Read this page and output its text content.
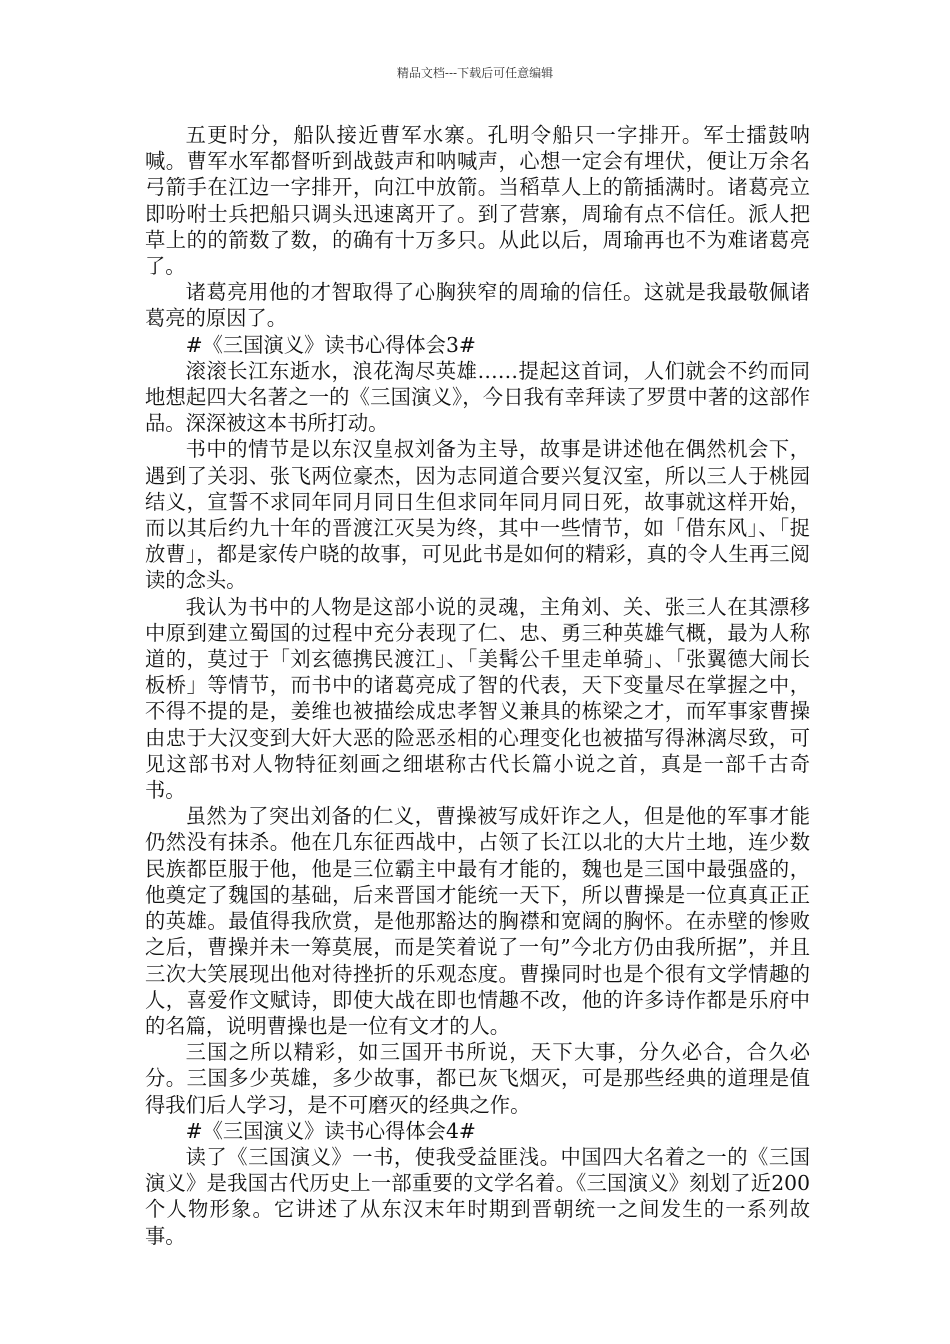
精品文档---下载后可任意编辑

五更时分，船队接近曹军水寨。孔明令船只一字排开。军士擂鼓呐喊。曹军水军都督听到战鼓声和呐喊声，心想一定会有埋伏，便让万余名弓箭手在江边一字排开，向江中放箭。当稻草人上的箭插满时。诸葛亮立即吩咐士兵把船只调头迅速离开了。到了营寨，周瑜有点不信任。派人把草上的的箭数了数，的确有十万多只。从此以后，周瑜再也不为难诸葛亮了。

诸葛亮用他的才智取得了心胸狭窄的周瑜的信任。这就是我最敬佩诸葛亮的原因了。

#《三国演义》读书心得体会3#

滚滚长江东逝水，浪花淘尽英雄……提起这首词，人们就会不约而同地想起四大名著之一的《三国演义》，今日我有幸拜读了罗贯中著的这部作品。深深被这本书所打动。

书中的情节是以东汉皇叔刘备为主导，故事是讲述他在偶然机会下，遇到了关羽、张飞两位豪杰，因为志同道合要兴复汉室，所以三人于桃园结义，宣誓不求同年同月同日生但求同年同月同日死，故事就这样开始，而以其后约九十年的晋渡江灭吴为终，其中一些情节，如「借东风」、「捉放曹」，都是家传户晓的故事，可见此书是如何的精彩，真的令人生再三阅读的念头。

我认为书中的人物是这部小说的灵魂，主角刘、关、张三人在其漂移中原到建立蜀国的过程中充分表现了仁、忠、勇三种英雄气概，最为人称道的，莫过于「刘玄德携民渡江」、「美髯公千里走单骑」、「张翼德大闹长板桥」等情节，而书中的诸葛亮成了智的代表，天下变量尽在掌握之中，不得不提的是，姜维也被描绘成忠孝智义兼具的栋梁之才，而军事家曹操由忠于大汉变到大奸大恶的险恶丞相的心理变化也被描写得淋漓尽致，可见这部书对人物特征刻画之细堪称古代长篇小说之首，真是一部千古奇书。

虽然为了突出刘备的仁义，曹操被写成奸诈之人，但是他的军事才能仍然没有抹杀。他在几东征西战中，占领了长江以北的大片土地，连少数民族都臣服于他，他是三位霸主中最有才能的，魏也是三国中最强盛的，他奠定了魏国的基础，后来晋国才能统一天下，所以曹操是一位真真正正的英雄。最值得我欣赏，是他那豁达的胸襟和宽阔的胸怀。在赤壁的惨败之后，曹操并未一筹莫展，而是笑着说了一句”今北方仍由我所据”，并且三次大笑展现出他对待挫折的乐观态度。曹操同时也是个很有文学情趣的人，喜爱作文赋诗，即使大战在即也情趣不改，他的许多诗作都是乐府中的名篇，说明曹操也是一位有文才的人。

三国之所以精彩，如三国开书所说，天下大事，分久必合，合久必分。三国多少英雄，多少故事，都已灰飞烟灭，可是那些经典的道理是值得我们后人学习，是不可磨灭的经典之作。

#《三国演义》读书心得体会4#

读了《三国演义》一书，使我受益匪浅。中国四大名着之一的《三国演义》是我国古代历史上一部重要的文学名着。《三国演义》刻划了近200个人物形象。它讲述了从东汉末年时期到晋朝统一之间发生的一系列故事。
